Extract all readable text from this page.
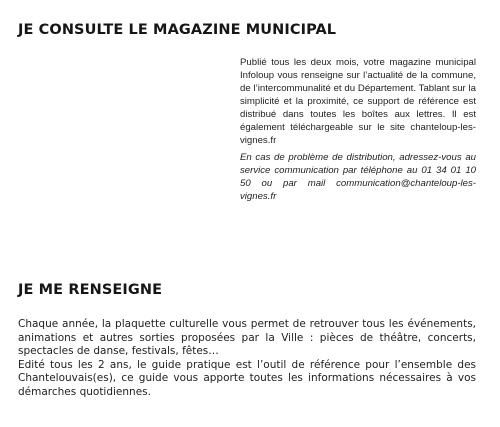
JE CONSULTE LE MAGAZINE MUNICIPAL

Publié tous les deux mois, votre magazine municipal Infoloup vous renseigne sur l’actualité de la commune, de l’intercommunalité et du Département. Tablant sur la simplicité et la proximité, ce support de référence est distribué dans toutes les boîtes aux lettres. Il est également téléchargeable sur le site chanteloup-les-vignes.fr

En cas de problème de distribution, adressez-vous au service communication par téléphone au 01 34 01 10 50 ou par mail communication@chanteloup-les-vignes.fr

JE ME RENSEIGNE

Chaque année, la plaquette culturelle vous permet de retrouver tous les événements, animations et autres sorties proposées par la Ville : pièces de théâtre, concerts, spectacles de danse, festivals, fêtes…

Edité tous les 2 ans, le guide pratique est l’outil de référence pour l’ensemble des Chantelouvais(es), ce guide vous apporte toutes les informations nécessaires à vos démarches quotidiennes.
